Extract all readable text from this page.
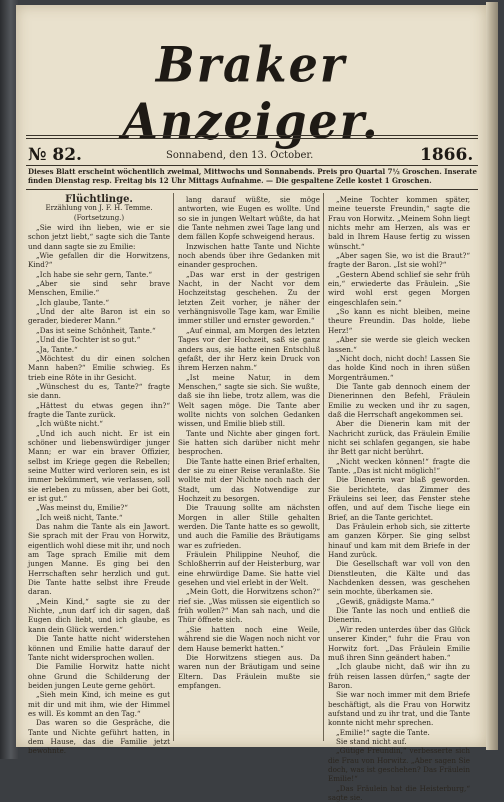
Braker Anzeiger.
№ 82.	Sonnabend, den 13. October.	1866.
Dieses Blatt erscheint wöchentlich zweimal, Mittwochs und Sonnabends. Preis pro Quartal 7½ Groschen. Inserate finden Dienstag resp. Freitag bis 12 Uhr Mittags Aufnahme. — Die gespaltene Zeile kostet 1 Groschen.

Flüchtlinge.

Erzählung von J. F. H. Temme.

(Fortsetzung.)

„Sie wird ihn lieben, wie er sie schon jetzt liebt,“ sagte sich die Tante und dann sagte sie zu Emilie:

„Wie gefallen dir die Horwitzens, Kind?“

„Ich habe sie sehr gern, Tante.“

„Aber sie sind sehr brave Menschen, Emilie.“

„Ich glaube, Tante.“

„Und der alte Baron ist ein so gerader, biederer Mann.“

„Das ist seine Schönheit, Tante.“

„Und die Tochter ist so gut.“

„Ja, Tante.“

„Möchtest du dir einen solchen Mann haben?“ Emilie schwieg. Es trieb eine Röte in ihr Gesicht.

„Wünschest du es, Tante?“ fragte sie dann.

„Hättest du etwas gegen ihn?“ fragte die Tante zurück.

„Ich wüßte nicht.“

„Und ich auch nicht. Er ist ein schöner und liebenswürdiger junger Mann; er war ein braver Offizier, selbst im Kriege gegen die Rebellen; seine Mutter wird verloren sein, es ist immer bekümmert, wie verlassen, soll sie erleben zu müssen, aber bei Gott, er ist gut.“

„Was meinst du, Emilie?“

„Ich weiß nicht, Tante.“

Das nahm die Tante als ein Jawort. Sie sprach mit der Frau von Horwitz, eigentlich wohl diese mit ihr, und noch am Tage sprach Emilie mit dem jungen Manne. Es ging bei den Herrschaften sehr herzlich und gut. Die Tante hatte selbst ihre Freude daran.

„Mein Kind,“ sagte sie zu der Nichte, „nun darf ich dir sagen, daß Eugen dich liebt, und ich glaube, es kann dein Glück werden.“

Die Tante hatte nicht widerstehen können und Emilie hatte darauf der Tante nicht widersprochen wollen.

Die Familie Horwitz hatte nicht ohne Grund die Schilderung der beiden jungen Leute gerne gehört.

„Sieh mein Kind, ich meine es gut mit dir und mit ihm, wie der Himmel es will. Es kommt an den Tag.“

Das waren so die Gespräche, die Tante und Nichte geführt hatten, in dem Hause, das die Familie jetzt bewohnte.

lang darauf wüßte, sie möge antworten, wie Eugen es wollte. Und so sie in jungen Weltart wüßte, da hat die Tante nehmen zwei Tage lang und dem fällen Kopfe schweigend heraus.

Inzwischen hatte Tante und Nichte noch abends über ihre Gedanken mit einander gesprochen.

„Das war erst in der gestrigen Nacht, in der Nacht vor dem Hochzeitstag geschehen. Zu der letzten Zeit vorher, je näher der verhängnisvolle Tage kam, war Emilie immer stiller und ernster geworden.“

„Auf einmal, am Morgen des letzten Tages vor der Hochzeit, saß sie ganz anders aus, sie hatte einen Entschluß gefaßt, der ihr Herz kein Druck von ihrem Herzen nahm.“

„Ist meine Natur, in dem Menschen,“ sagte sie sich. Sie wußte, daß sie ihn liebe, trotz allem, was die Welt sagen möge. Die Tante aber wollte nichts von solchen Gedanken wissen, und Emilie blieb still.

Tante und Nichte aber gingen fort. Sie hatten sich darüber nicht mehr besprochen.

Die Tante hatte einen Brief erhalten, der sie zu einer Reise veranlaßte. Sie wollte mit der Nichte noch nach der Stadt, um das Notwendige zur Hochzeit zu besorgen.

Die Trauung sollte am nächsten Morgen in aller Stille gehalten werden. Die Tante hatte es so gewollt, und auch die Familie des Bräutigams war es zufrieden.

Fräulein Philippine Neuhof, die Schloßherrin auf der Heisterburg, war eine ehrwürdige Dame. Sie hatte viel gesehen und viel erlebt in der Welt.

„Mein Gott, die Horwitzens schon?“ rief sie. „Was müssen sie eigentlich so früh wollen?“ Man sah nach, und die Thür öffnete sich.

„Sie hatten noch eine Weile, während sie die Wagen noch nicht vor dem Hause bemerkt hatten.“

Die Horwitzens stiegen aus. Da waren nun der Bräutigam und seine Eltern. Das Fräulein mußte sie empfangen.

„Meine Tochter kommen später, meine teuerste Freundin,“ sagte die Frau von Horwitz. „Meinem Sohn liegt nichts mehr am Herzen, als was er bald in Ihrem Hause fertig zu wissen wünscht.“

„Aber sagen Sie, wo ist die Braut?“ fragte der Baron. „Ist sie wohl?“

„Gestern Abend schlief sie sehr früh ein,“ erwiederte das Fräulein. „Sie wird wohl erst gegen Morgen eingeschlafen sein.“

„So kann es nicht bleiben, meine theure Freundin. Das holde, liebe Herz!“

„Aber sie werde sie gleich wecken lassen.“

„Nicht doch, nicht doch! Lassen Sie das holde Kind noch in ihren süßen Morgenträumen.“

Die Tante gab dennoch einem der Dienerinnen den Befehl, Fräulein Emilie zu wecken und ihr zu sagen, daß die Herrschaft angekommen sei.

Aber die Dienerin kam mit der Nachricht zurück, das Fräulein Emilie nicht sei schlafen gegangen, sie habe ihr Bett gar nicht berührt.

„Nicht wecken können!“ fragte die Tante. „Das ist nicht möglich!“

Die Dienerin war blaß geworden. Sie berichtete, das Zimmer des Fräuleins sei leer, das Fenster stehe offen, und auf dem Tische liege ein Brief, an die Tante gerichtet.

Das Fräulein erhob sich, sie zitterte am ganzen Körper. Sie ging selbst hinauf und kam mit dem Briefe in der Hand zurück.

Die Gesellschaft war voll von den Dienstleuten, die Kälte und das Nachdenken dessen, was geschehen sein mochte, überkamen sie.

„Gewiß, gnädigste Mama.“

Die Tante las noch und entließ die Dienerin.

„Wir reden unterdes über das Glück unserer Kinder,“ fuhr die Frau von Horwitz fort. „Das Fräulein Emilie muß ihren Sinn geändert haben.“

„Ich glaube nicht, daß wir ihn zu früh reisen lassen dürfen,“ sagte der Baron.

Sie war noch immer mit dem Briefe beschäftigt, als die Frau von Horwitz aufstand und zu ihr trat, und die Tante konnte nicht mehr sprechen.

„Emilie!“ sagte die Tante.

Sie stand nicht auf.

„Gütige Freundin,“ verbesserte sich die Frau von Horwitz. „Aber sagen Sie doch, was ist geschehen? Das Fräulein Emilie!“

„Das Fräulein hat die Heisterburg,“ sagte sie.
